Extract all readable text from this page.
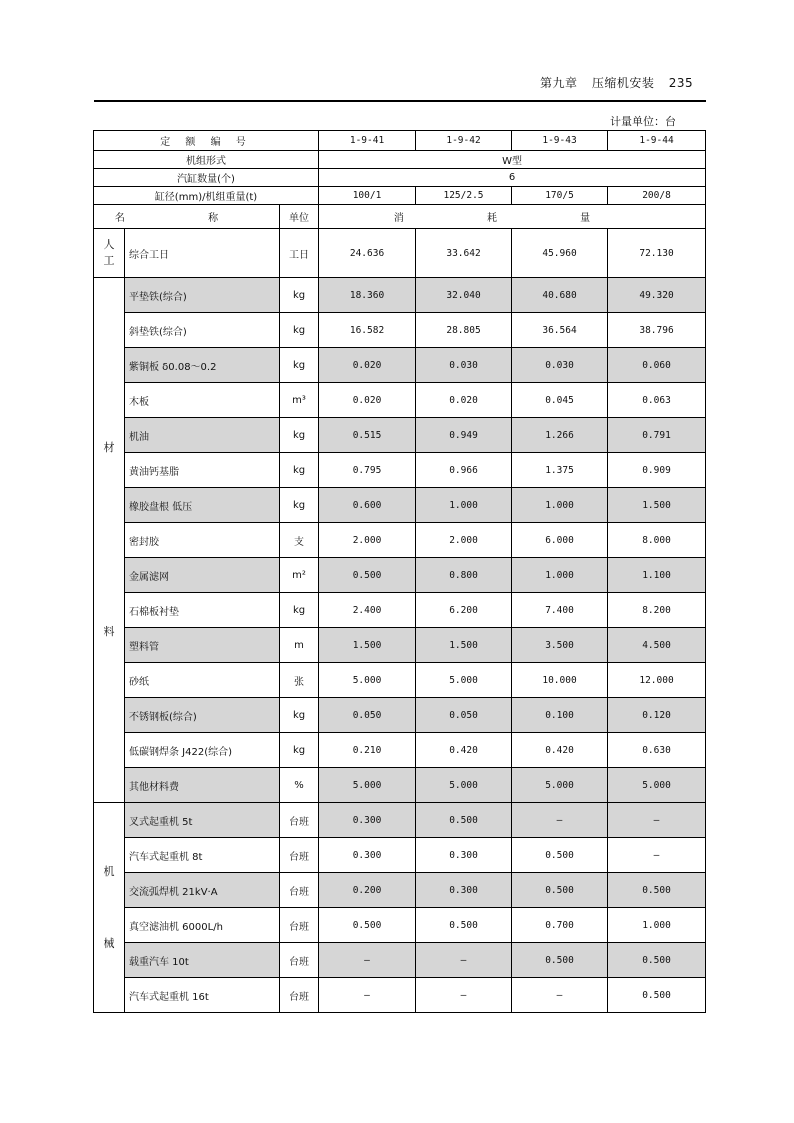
第九章 压缩机安装 235
计量单位：台
定 额 编 号			1-9-41	1-9-42	1-9-43	1-9-44
机组形式			W型			
汽缸数量(个)			6			
缸径(mm)/机组重量(t)			100/1	125/2.5	170/5	200/8
名 称		单位	消 耗 量			

人
工	综合工日	工日	24.636	33.642	45.960	72.130

材
料	平垫铁(综合)	kg	18.360	32.040	40.680	49.320
	斜垫铁(综合)	kg	16.582	28.805	36.564	38.796
	紫铜板 δ0.08～0.2	kg	0.020	0.030	0.030	0.060
	木板	m³	0.020	0.020	0.045	0.063
	机油	kg	0.515	0.949	1.266	0.791
	黄油钙基脂	kg	0.795	0.966	1.375	0.909
	橡胶盘根 低压	kg	0.600	1.000	1.000	1.500
	密封胶	支	2.000	2.000	6.000	8.000
	金属滤网	m²	0.500	0.800	1.000	1.100
	石棉板衬垫	kg	2.400	6.200	7.400	8.200
	塑料管	m	1.500	1.500	3.500	4.500
	砂纸	张	5.000	5.000	10.000	12.000
	不锈钢板(综合)	kg	0.050	0.050	0.100	0.120
	低碳钢焊条 J422(综合)	kg	0.210	0.420	0.420	0.630
	其他材料费	%	5.000	5.000	5.000	5.000

机
械	叉式起重机 5t	台班	0.300	0.500	—	—
	汽车式起重机 8t	台班	0.300	0.300	0.500	—
	交流弧焊机 21kV·A	台班	0.200	0.300	0.500	0.500
	真空滤油机 6000L/h	台班	0.500	0.500	0.700	1.000
	载重汽车 10t	台班	—	—	0.500	0.500
	汽车式起重机 16t	台班	—	—	—	0.500
